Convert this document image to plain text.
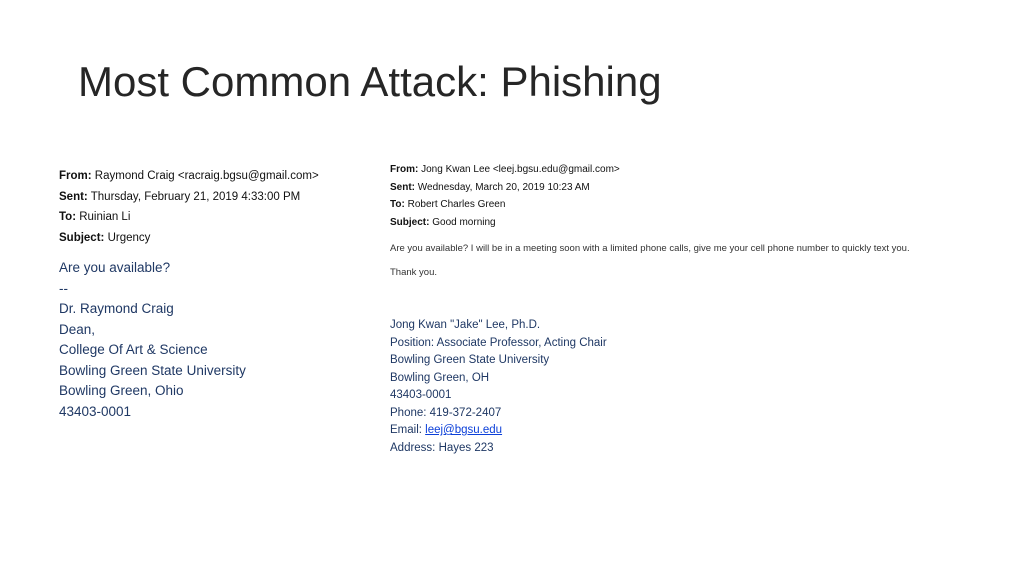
Most Common Attack: Phishing
From: Raymond Craig <racraig.bgsu@gmail.com>
Sent: Thursday, February 21, 2019 4:33:00 PM
To: Ruinian Li
Subject: Urgency
Are you available?
--
Dr. Raymond Craig
Dean,
College Of Art & Science
Bowling Green State University
Bowling Green, Ohio
43403-0001
From: Jong Kwan Lee <leej.bgsu.edu@gmail.com>
Sent: Wednesday, March 20, 2019 10:23 AM
To: Robert Charles Green
Subject: Good morning
Are you available? I will be in a meeting soon with a limited phone calls, give me your cell phone number to quickly text you.
Thank you.
Jong Kwan "Jake" Lee, Ph.D.
Position: Associate Professor, Acting Chair
Bowling Green State University
Bowling Green, OH
43403-0001
Phone: 419-372-2407
Email: leej@bgsu.edu
Address: Hayes 223
